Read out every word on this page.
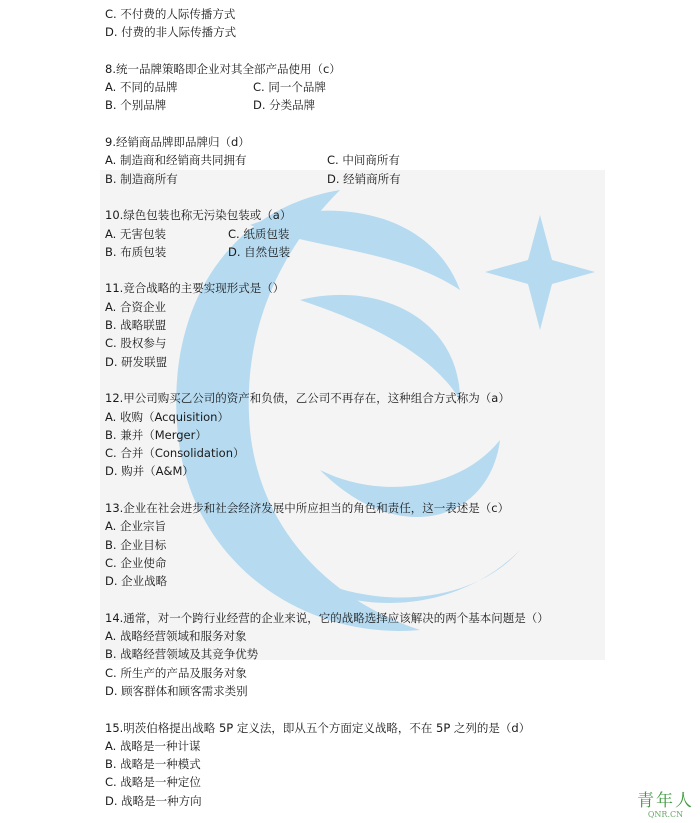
C. 不付费的人际传播方式
D. 付费的非人际传播方式
8.统一品牌策略即企业对其全部产品使用（c）
A. 不同的品牌	C. 同一个品牌
B. 个别品牌	D. 分类品牌
9.经销商品牌即品牌归（d）
A. 制造商和经销商共同拥有	C. 中间商所有
B. 制造商所有	D. 经销商所有
10.绿色包装也称无污染包装或（a）
A. 无害包装	C. 纸质包装
B. 布质包装	D. 自然包装
11.竞合战略的主要实现形式是（）
A. 合资企业
B. 战略联盟
C. 股权参与
D. 研发联盟
12.甲公司购买乙公司的资产和负债，乙公司不再存在，这种组合方式称为（a）
A. 收购（Acquisition）
B. 兼并（Merger）
C. 合并（Consolidation）
D. 购并（A&M）
13.企业在社会进步和社会经济发展中所应担当的角色和责任，这一表述是（c）
A. 企业宗旨
B. 企业目标
C. 企业使命
D. 企业战略
14.通常，对一个跨行业经营的企业来说，它的战略选择应该解决的两个基本问题是（）
A. 战略经营领域和服务对象
B. 战略经营领域及其竞争优势
C. 所生产的产品及服务对象
D. 顾客群体和顾客需求类别
15.明茨伯格提出战略 5P 定义法，即从五个方面定义战略，不在 5P 之列的是（d）
A. 战略是一种计谋
B. 战略是一种模式
C. 战略是一种定位
D. 战略是一种方向	青年人
QNR.CN
